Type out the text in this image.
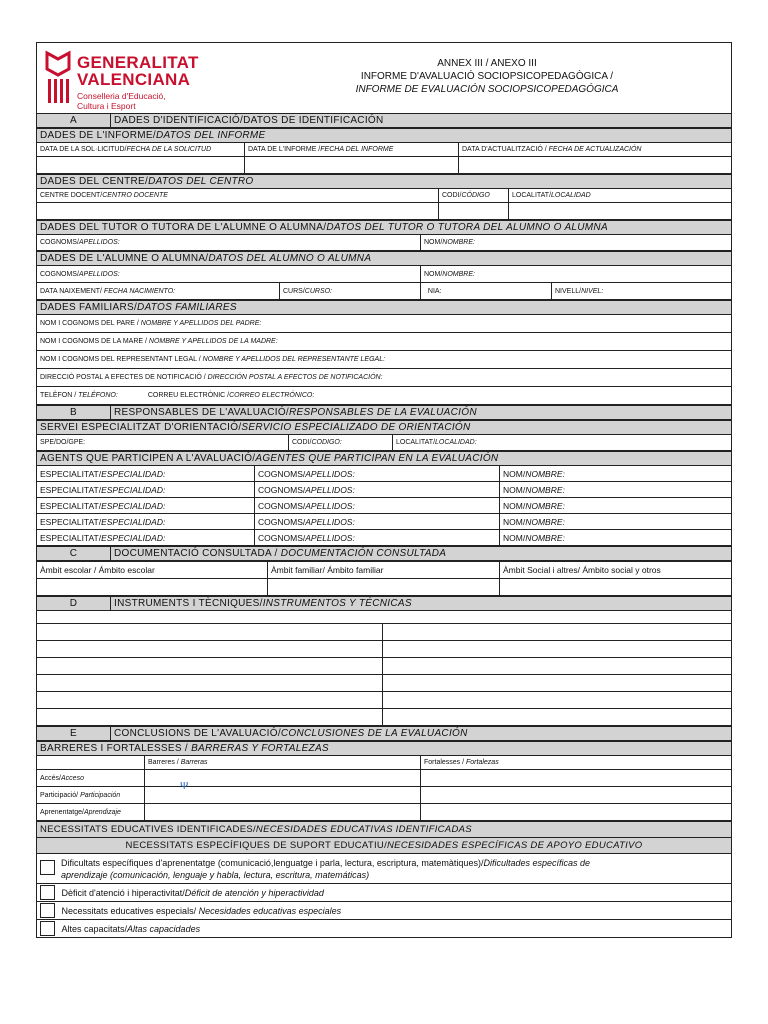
GENERALITAT
VALENCIANA
Conselleria d'Educació,
Cultura i Esport
ANNEX III / ANEXO III
INFORME D'AVALUACIÓ SOCIOPSICOPEDAGÒGICA /
INFORME DE EVALUACIÓN SOCIOPSICOPEDAGÓGICA
A	DADES D'IDENTIFICACIÓ/DATOS DE IDENTIFICACIÓN
DADES DE L'INFORME/DATOS DEL INFORME		
DATA DE LA SOL·LICITUD/FECHA DE LA SOLICITUD	DATA DE L'INFORME /FECHA DEL INFORME	DATA D'ACTUALITZACIÓ / FECHA DE ACTUALIZACIÓN

DADES DEL CENTRE/DATOS DEL CENTRO		
CENTRE DOCENT/CENTRO DOCENTE	CODI/CÓDIGO	LOCALITAT/LOCALIDAD

DADES DEL TUTOR O TUTORA DE L'ALUMNE O ALUMNA/DATOS DEL TUTOR O TUTORA DEL ALUMNO O ALUMNA
COGNOMS/APELLIDOS:	NOM/NOMBRE:
DADES DE L'ALUMNE O ALUMNA/DATOS DEL ALUMNO O ALUMNA			
COGNOMS/APELLIDOS:		NOM/NOMBRE:	
DATA NAIXEMENT/ FECHA NACIMIENTO:	CURS/CURSO:	NIA:	NIVELL/NIVEL:
DADES FAMILIARS/DATOS FAMILIARES
NOM I COGNOMS DEL PARE / NOMBRE Y APELLIDOS DEL PADRE:
NOM I COGNOMS DE LA MARE / NOMBRE Y APELLIDOS DE LA MADRE:
NOM I COGNOMS DEL REPRESENTANT LEGAL / NOMBRE Y APELLIDOS DEL REPRESENTANTE LEGAL:
DIRECCIÓ POSTAL A EFECTES DE NOTIFICACIÓ / DIRECCIÓN POSTAL A EFECTOS DE NOTIFICACIÓN:
TELÈFON / TELÉFONO:	CORREU ELECTRÒNIC /CORREO ELECTRÓNICO:
B	RESPONSABLES DE L'AVALUACIÓ/RESPONSABLES DE LA EVALUACIÓN
SERVEI ESPECIALITZAT D'ORIENTACIÓ/SERVICIO ESPECIALIZADO DE ORIENTACIÓN
SPE/DO/GPE:	CODI/CODIGO:	LOCALITAT/LOCALIDAD:
AGENTS QUE PARTICIPEN A L'AVALUACIÓ/AGENTES QUE PARTICIPAN EN LA EVALUACIÓN		
ESPECIALITAT/ESPECIALIDAD:	COGNOMS/APELLIDOS:	NOM/NOMBRE:
ESPECIALITAT/ESPECIALIDAD:	COGNOMS/APELLIDOS:	NOM/NOMBRE:
ESPECIALITAT/ESPECIALIDAD:	COGNOMS/APELLIDOS:	NOM/NOMBRE:
ESPECIALITAT/ESPECIALIDAD:	COGNOMS/APELLIDOS:	NOM/NOMBRE:
ESPECIALITAT/ESPECIALIDAD:	COGNOMS/APELLIDOS:	NOM/NOMBRE:
C	DOCUMENTACIÓ CONSULTADA / DOCUMENTACIÓN CONSULTADA
Àmbit escolar / Ámbito escolar	Àmbit familiar/ Ámbito familiar	Àmbit Social i altres/ Ámbito social y otros

D	INSTRUMENTS I TÈCNIQUES/INSTRUMENTOS Y TÉCNICAS

E	CONCLUSIONS DE L'AVALUACIÓ/CONCLUSIONES DE LA EVALUACIÓN
BARRERES I FORTALESSES / BARRERAS Y FORTALEZAS		
	Barreres / Barreras	Fortalesses / Fortalezas
Accés/Acceso		
Participació/ Participación	Ψ	
Aprenentatge/Aprendizaje		
NECESSITATS EDUCATIVES IDENTIFICADES/NECESIDADES EDUCATIVAS IDENTIFICADAS	
NECESSITATS ESPECÍFIQUES DE SUPORT EDUCATIU/NECESIDADES ESPECÍFICAS DE APOYO EDUCATIVO	

Dificultats específiques d'aprenentatge (comunicació,lenguatge i parla, lectura, escriptura, matemàtiques)/Dificultades específicas de
aprendizaje (comunicación, lenguaje y habla, lectura, escritura, matemáticas)	
	Dèficit d'atenció i hiperactivitat/Déficit de atención y hiperactividad
	Necessitats educatives especials/ Necesidades educativas especiales
	Altes capacitats/Altas capacidades
